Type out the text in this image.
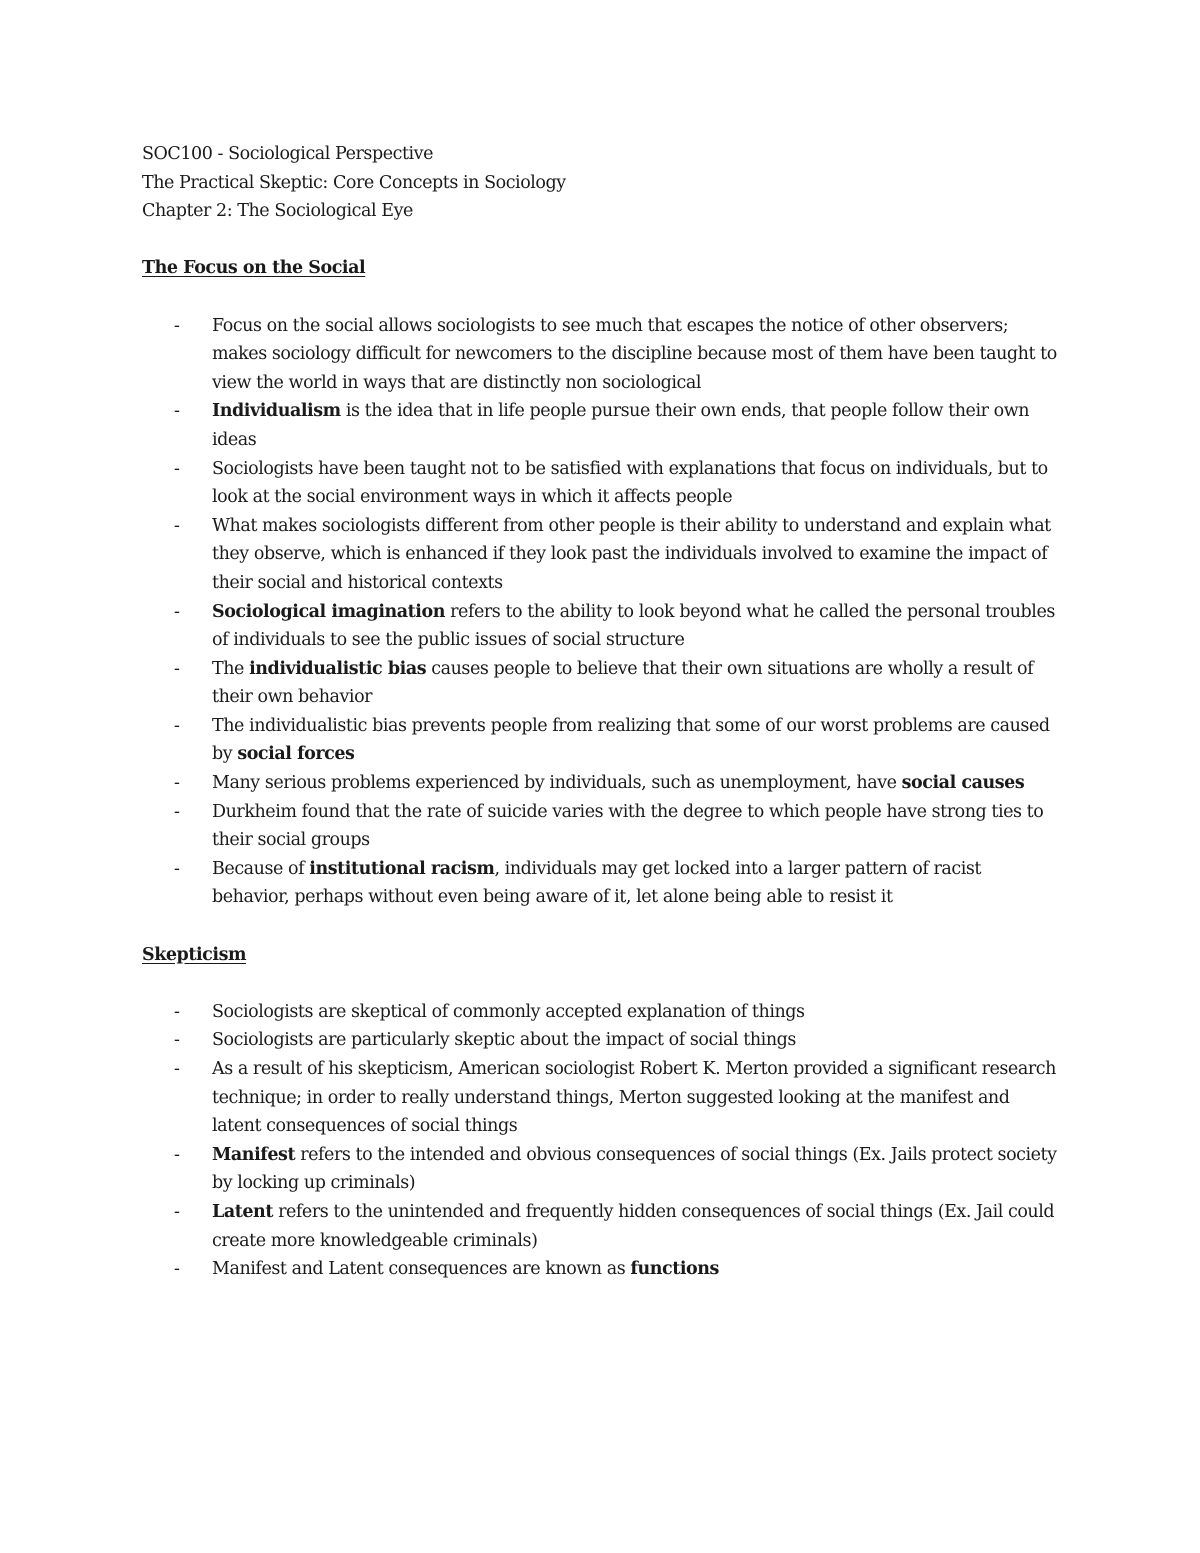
SOC100 - Sociological Perspective

The Practical Skeptic: Core Concepts in Sociology

Chapter 2: The Sociological Eye

The Focus on the Social

- Focus on the social allows sociologists to see much that escapes the notice of other observers; makes sociology difficult for newcomers to the discipline because most of them have been taught to view the world in ways that are distinctly non sociological
- Individualism is the idea that in life people pursue their own ends, that people follow their own ideas
- Sociologists have been taught not to be satisfied with explanations that focus on individuals, but to look at the social environment ways in which it affects people
- What makes sociologists different from other people is their ability to understand and explain what they observe, which is enhanced if they look past the individuals involved to examine the impact of their social and historical contexts
- Sociological imagination refers to the ability to look beyond what he called the personal troubles of individuals to see the public issues of social structure
- The individualistic bias causes people to believe that their own situations are wholly a result of their own behavior
- The individualistic bias prevents people from realizing that some of our worst problems are caused by social forces
- Many serious problems experienced by individuals, such as unemployment, have social causes
- Durkheim found that the rate of suicide varies with the degree to which people have strong ties to their social groups
- Because of institutional racism, individuals may get locked into a larger pattern of racist behavior, perhaps without even being aware of it, let alone being able to resist it

Skepticism

- Sociologists are skeptical of commonly accepted explanation of things
- Sociologists are particularly skeptic about the impact of social things
- As a result of his skepticism, American sociologist Robert K. Merton provided a significant research technique; in order to really understand things, Merton suggested looking at the manifest and latent consequences of social things
- Manifest refers to the intended and obvious consequences of social things (Ex. Jails protect society by locking up criminals)
- Latent refers to the unintended and frequently hidden consequences of social things (Ex. Jail could create more knowledgeable criminals)
- Manifest and Latent consequences are known as functions
